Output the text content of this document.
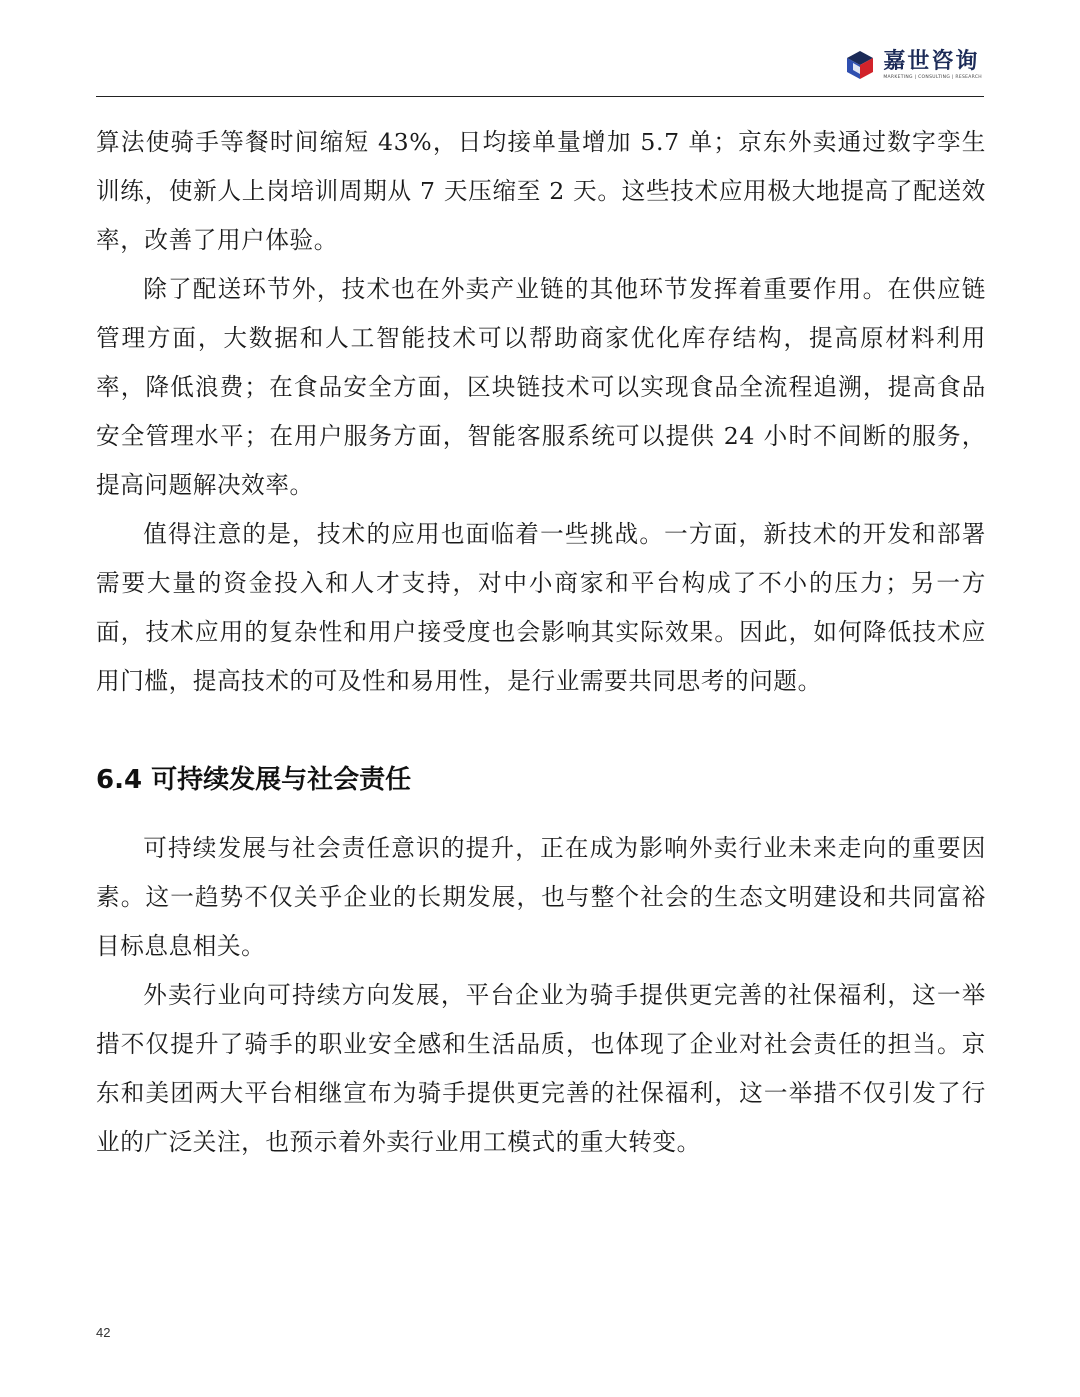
嘉世咨询
MARKETING | CONSULTING | RESEARCH

算法使骑手等餐时间缩短 43%，日均接单量增加 5.7 单；京东外卖通过数字孪生训练，使新人上岗培训周期从 7 天压缩至 2 天。这些技术应用极大地提高了配送效率，改善了用户体验。

除了配送环节外，技术也在外卖产业链的其他环节发挥着重要作用。在供应链管理方面，大数据和人工智能技术可以帮助商家优化库存结构，提高原材料利用率，降低浪费；在食品安全方面，区块链技术可以实现食品全流程追溯，提高食品安全管理水平；在用户服务方面，智能客服系统可以提供 24 小时不间断的服务，提高问题解决效率。

值得注意的是，技术的应用也面临着一些挑战。一方面，新技术的开发和部署需要大量的资金投入和人才支持，对中小商家和平台构成了不小的压力；另一方面，技术应用的复杂性和用户接受度也会影响其实际效果。因此，如何降低技术应用门槛，提高技术的可及性和易用性，是行业需要共同思考的问题。

6.4 可持续发展与社会责任

可持续发展与社会责任意识的提升，正在成为影响外卖行业未来走向的重要因素。这一趋势不仅关乎企业的长期发展，也与整个社会的生态文明建设和共同富裕目标息息相关。

外卖行业向可持续方向发展，平台企业为骑手提供更完善的社保福利，这一举措不仅提升了骑手的职业安全感和生活品质，也体现了企业对社会责任的担当。京东和美团两大平台相继宣布为骑手提供更完善的社保福利，这一举措不仅引发了行业的广泛关注，也预示着外卖行业用工模式的重大转变。

42
